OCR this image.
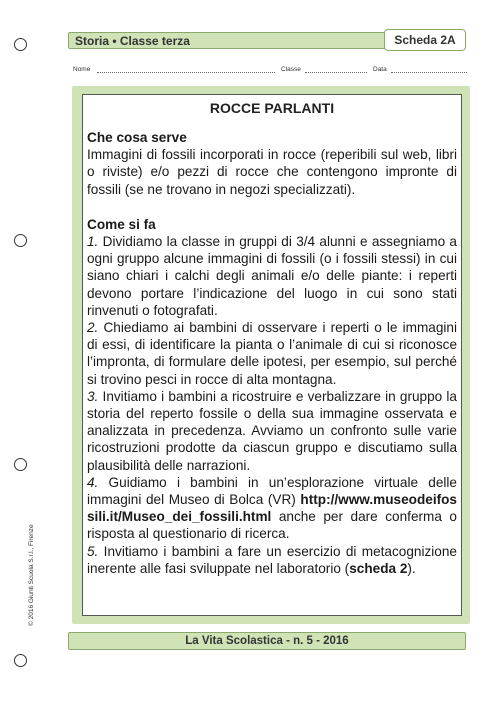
Storia • Classe terza	Scheda 2A
Nome	Classe	Data
ROCCE PARLANTI
Che cosa serve

Immagini di fossili incorporati in rocce (reperibili sul web, libri o riviste) e/o pezzi di rocce che contengono impronte di fossili (se ne trovano in negozi specializzati).

Come si fa

1. Dividiamo la classe in gruppi di 3/4 alunni e assegniamo a ogni gruppo alcune immagini di fossili (o i fossili stessi) in cui siano chiari i calchi degli animali e/o delle piante: i reperti devono portare l’indicazione del luogo in cui sono stati rinvenuti o fotografati.

2. Chiediamo ai bambini di osservare i reperti o le immagini di essi, di identificare la pianta o l’animale di cui si riconosce l’impronta, di formulare delle ipotesi, per esempio, sul perché si trovino pesci in rocce di alta montagna.

3. Invitiamo i bambini a ricostruire e verbalizzare in gruppo la storia del reperto fossile o della sua immagine osservata e analizzata in precedenza. Avviamo un confronto sulle varie ricostruzioni prodotte da ciascun gruppo e discutiamo sulla plausibilità delle narrazioni.

4. Guidiamo i bambini in un’esplorazione virtuale delle immagini del Museo di Bolca (VR) http://www.museodeifossili.it/Museo_dei_fossili.html anche per dare conferma o risposta al questionario di ricerca.

5. Invitiamo i bambini a fare un esercizio di metacognizione inerente alle fasi sviluppate nel laboratorio (scheda 2).

© 2016 Giunti Scuola S.r.l., Firenze
La Vita Scolastica - n. 5 - 2016
